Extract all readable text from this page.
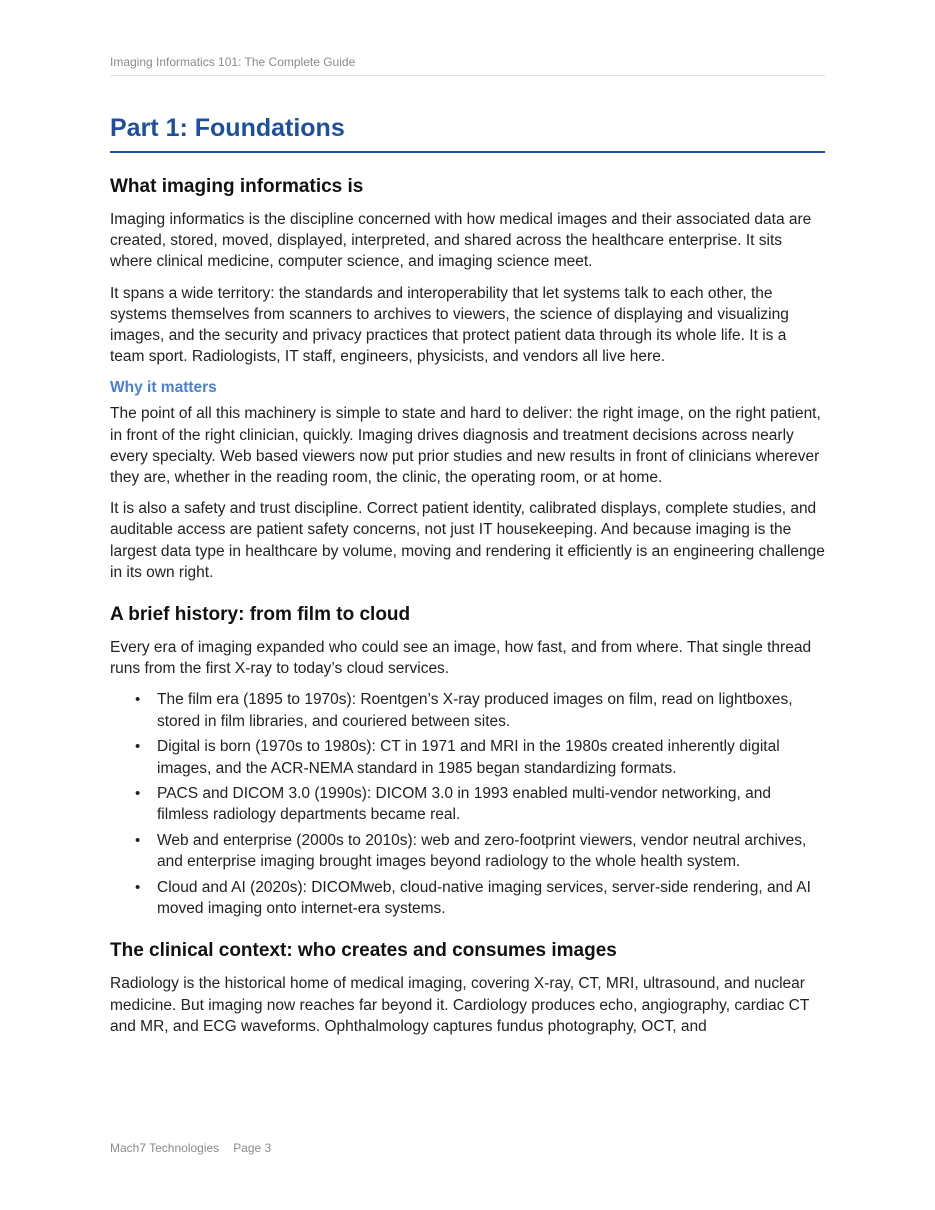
Imaging Informatics 101: The Complete Guide
Part 1: Foundations
What imaging informatics is

Imaging informatics is the discipline concerned with how medical images and their associated data are created, stored, moved, displayed, interpreted, and shared across the healthcare enterprise. It sits where clinical medicine, computer science, and imaging science meet.

It spans a wide territory: the standards and interoperability that let systems talk to each other, the systems themselves from scanners to archives to viewers, the science of displaying and visualizing images, and the security and privacy practices that protect patient data through its whole life. It is a team sport. Radiologists, IT staff, engineers, physicists, and vendors all live here.

Why it matters

The point of all this machinery is simple to state and hard to deliver: the right image, on the right patient, in front of the right clinician, quickly. Imaging drives diagnosis and treatment decisions across nearly every specialty. Web based viewers now put prior studies and new results in front of clinicians wherever they are, whether in the reading room, the clinic, the operating room, or at home.

It is also a safety and trust discipline. Correct patient identity, calibrated displays, complete studies, and auditable access are patient safety concerns, not just IT housekeeping. And because imaging is the largest data type in healthcare by volume, moving and rendering it efficiently is an engineering challenge in its own right.

A brief history: from film to cloud

Every era of imaging expanded who could see an image, how fast, and from where. That single thread runs from the first X-ray to today’s cloud services.

• The film era (1895 to 1970s): Roentgen’s X-ray produced images on film, read on lightboxes, stored in film libraries, and couriered between sites.
• Digital is born (1970s to 1980s): CT in 1971 and MRI in the 1980s created inherently digital images, and the ACR-NEMA standard in 1985 began standardizing formats.
• PACS and DICOM 3.0 (1990s): DICOM 3.0 in 1993 enabled multi-vendor networking, and filmless radiology departments became real.
• Web and enterprise (2000s to 2010s): web and zero-footprint viewers, vendor neutral archives, and enterprise imaging brought images beyond radiology to the whole health system.
• Cloud and AI (2020s): DICOMweb, cloud-native imaging services, server-side rendering, and AI moved imaging onto internet-era systems.
The clinical context: who creates and consumes images

Radiology is the historical home of medical imaging, covering X-ray, CT, MRI, ultrasound, and nuclear medicine. But imaging now reaches far beyond it. Cardiology produces echo, angiography, cardiac CT and MR, and ECG waveforms. Ophthalmology captures fundus photography, OCT, and

Mach7 Technologies Page 3
